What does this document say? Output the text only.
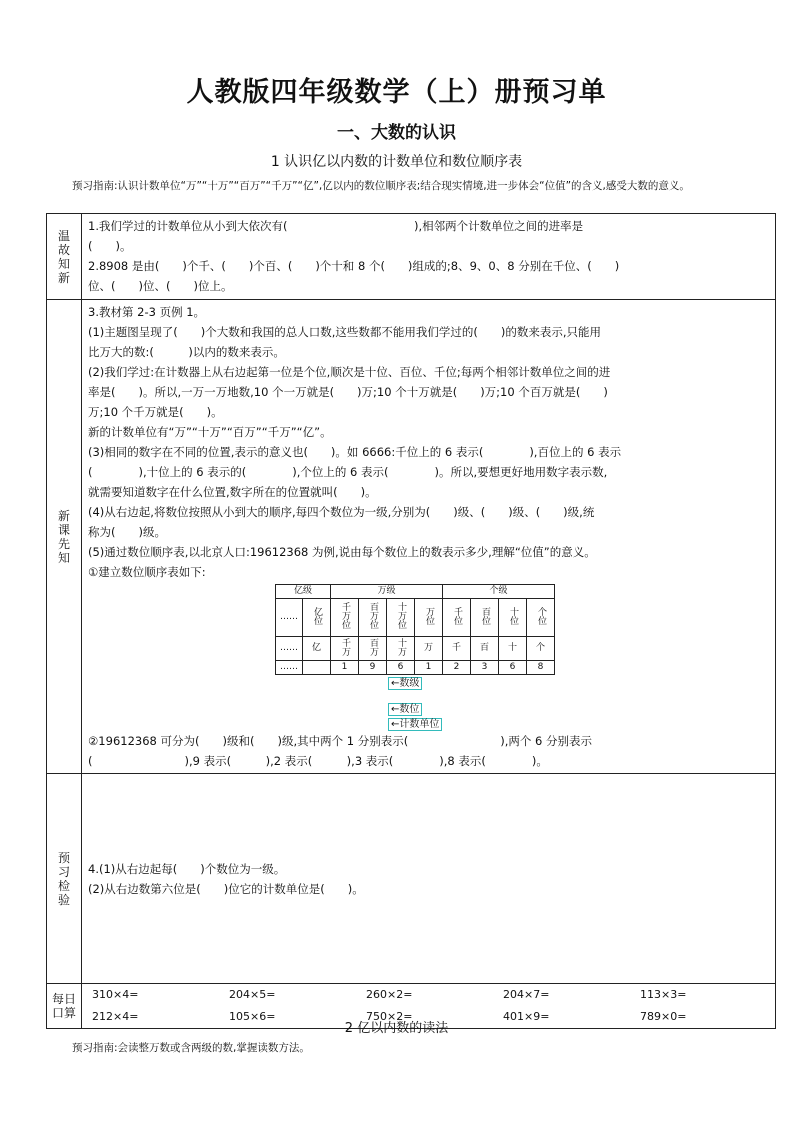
人教版四年级数学（上）册预习单
一、大数的认识
1 认识亿以内数的计数单位和数位顺序表
预习指南:认识计数单位“万”“十万”“百万”“千万”“亿”,亿以内的数位顺序表;结合现实情境,进一步体会“位值”的含义,感受大数的意义。
温
故
知
新

1.我们学过的计数单位从小到大依次有(　　　　　　　　　　　),相邻两个计数单位之间的进率是
(　　)。
2.8908 是由(　　)个千、(　　)个百、(　　)个十和 8 个(　　)组成的;8、9、0、8 分别在千位、(　　)
位、(　　)位、(　　)位上。

新
课
先
知

3.教材第 2-3 页例 1。
(1)主题图呈现了(　　)个大数和我国的总人口数,这些数都不能用我们学过的(　　)的数来表示,只能用
比万大的数:(　　　)以内的数来表示。
(2)我们学过:在计数器上从右边起第一位是个位,顺次是十位、百位、千位;每两个相邻计数单位之间的进
率是(　　)。所以,一万一万地数,10 个一万就是(　　)万;10 个十万就是(　　)万;10 个百万就是(　　)
万;10 个千万就是(　　)。
新的计数单位有“万”“十万”“百万”“千万”“亿”。
(3)相同的数字在不同的位置,表示的意义也(　　)。如 6666:千位上的 6 表示(　　　　),百位上的 6 表示
(　　　　),十位上的 6 表示的(　　　　),个位上的 6 表示(　　　　)。所以,要想更好地用数字表示数,
就需要知道数字在什么位置,数字所在的位置就叫(　　)。
(4)从右边起,将数位按照从小到大的顺序,每四个数位为一级,分别为(　　)级、(　　)级、(　　)级,统
称为(　　)级。
(5)通过数位顺序表,以北京人口:19612368 为例,说由每个数位上的数表示多少,理解“位值”的意义。
①建立数位顺序表如下:
亿级	万级	个级
……	亿位	千万位	百万位	十万位	万位	千位	百位	十位	个位
……	亿	千万	百万	十万	万	千	百	十	个
……		1	9	6	1	2	3	6	8
←数级
←数位
←计数单位
②19612368 可分为(　　)级和(　　)级,其中两个 1 分别表示(　　　　　　　　),两个 6 分别表示
(　　　　　　　　),9 表示(　　　),2 表示(　　　),3 表示(　　　　),8 表示(　　　　)。

预
习
检
验

4.(1)从右边起每(　　)个数位为一级。
(2)从右边数第六位是(　　)位它的计数单位是(　　)。

每日
口算

310×4=	204×5=	260×2=	204×7=	113×3=
212×4=	105×6=	750×2=	401×9=	789×0=
2 亿以内数的读法
预习指南:会读整万数或含两级的数,掌握读数方法。
